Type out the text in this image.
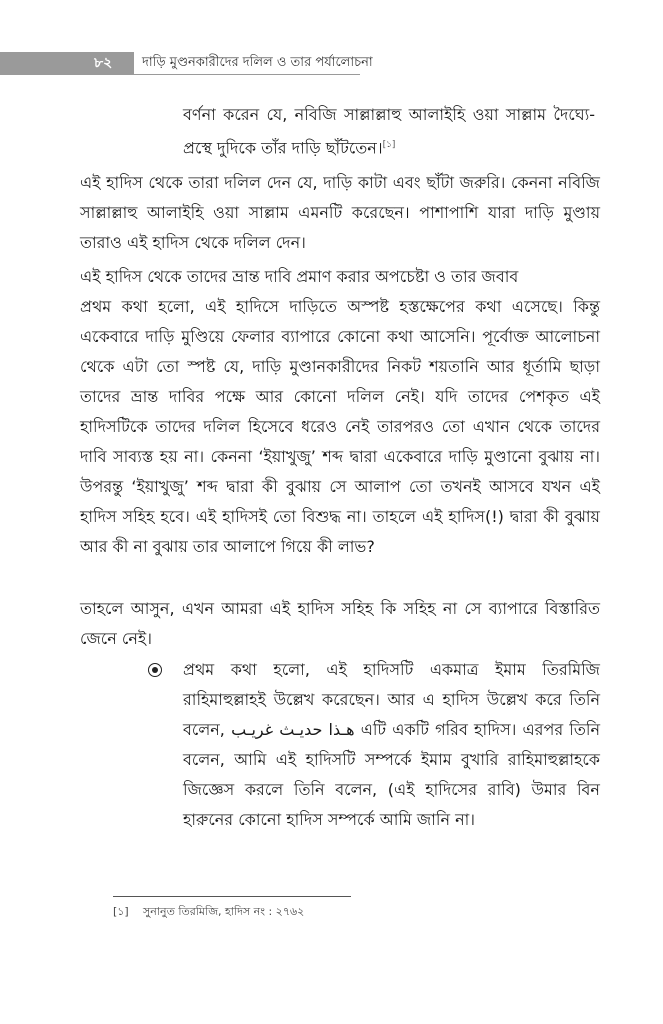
৮২	দাড়ি মুণ্ডনকারীদের দলিল ও তার পর্যালোচনা

বর্ণনা করেন যে, নবিজি সাল্লাল্লাহু আলাইহি ওয়া সাল্লাম দৈঘ্যে-প্রস্থে দুদিকে তাঁর দাড়ি ছাঁটতেন।[১]

এই হাদিস থেকে তারা দলিল দেন যে, দাড়ি কাটা এবং ছাঁটা জরুরি। কেননা নবিজি সাল্লাল্লাহু আলাইহি ওয়া সাল্লাম এমনটি করেছেন। পাশাপাশি যারা দাড়ি মুণ্ডায় তারাও এই হাদিস থেকে দলিল দেন।

এই হাদিস থেকে তাদের ভ্রান্ত দাবি প্রমাণ করার অপচেষ্টা ও তার জবাব

প্রথম কথা হলো, এই হাদিসে দাড়িতে অস্পষ্ট হস্তক্ষেপের কথা এসেছে। কিন্তু একেবারে দাড়ি মুণ্ডিয়ে ফেলার ব্যাপারে কোনো কথা আসেনি। পূর্বোক্ত আলোচনা থেকে এটা তো স্পষ্ট যে, দাড়ি মুণ্ডানকারীদের নিকট শয়তানি আর ধূর্তামি ছাড়া তাদের ভ্রান্ত দাবির পক্ষে আর কোনো দলিল নেই। যদি তাদের পেশকৃত এই হাদিসটিকে তাদের দলিল হিসেবে ধরেও নেই তারপরও তো এখান থেকে তাদের দাবি সাব্যস্ত হয় না। কেননা ‘ইয়াখুজু’ শব্দ দ্বারা একেবারে দাড়ি মুণ্ডানো বুঝায় না। উপরন্তু ‘ইয়াখুজু’ শব্দ দ্বারা কী বুঝায় সে আলাপ তো তখনই আসবে যখন এই হাদিস সহিহ হবে। এই হাদিসই তো বিশুদ্ধ না। তাহলে এই হাদিস(!) দ্বারা কী বুঝায় আর কী না বুঝায় তার আলাপে গিয়ে কী লাভ?

তাহলে আসুন, এখন আমরা এই হাদিস সহিহ কি সহিহ না সে ব্যাপারে বিস্তারিত জেনে নেই।

প্রথম কথা হলো, এই হাদিসটি একমাত্র ইমাম তিরমিজি রাহিমাহুল্লাহই উল্লেখ করেছেন। আর এ হাদিস উল্লেখ করে তিনি বলেন, هـذا حديـث غريـب এটি একটি গরিব হাদিস। এরপর তিনি বলেন, আমি এই হাদিসটি সম্পর্কে ইমাম বুখারি রাহিমাহুল্লাহকে জিজ্ঞেস করলে তিনি বলেন, (এই হাদিসের রাবি) উমার বিন হারুনের কোনো হাদিস সম্পর্কে আমি জানি না।

[১] সুনানুত তিরমিজি, হাদিস নং : ২৭৬২
